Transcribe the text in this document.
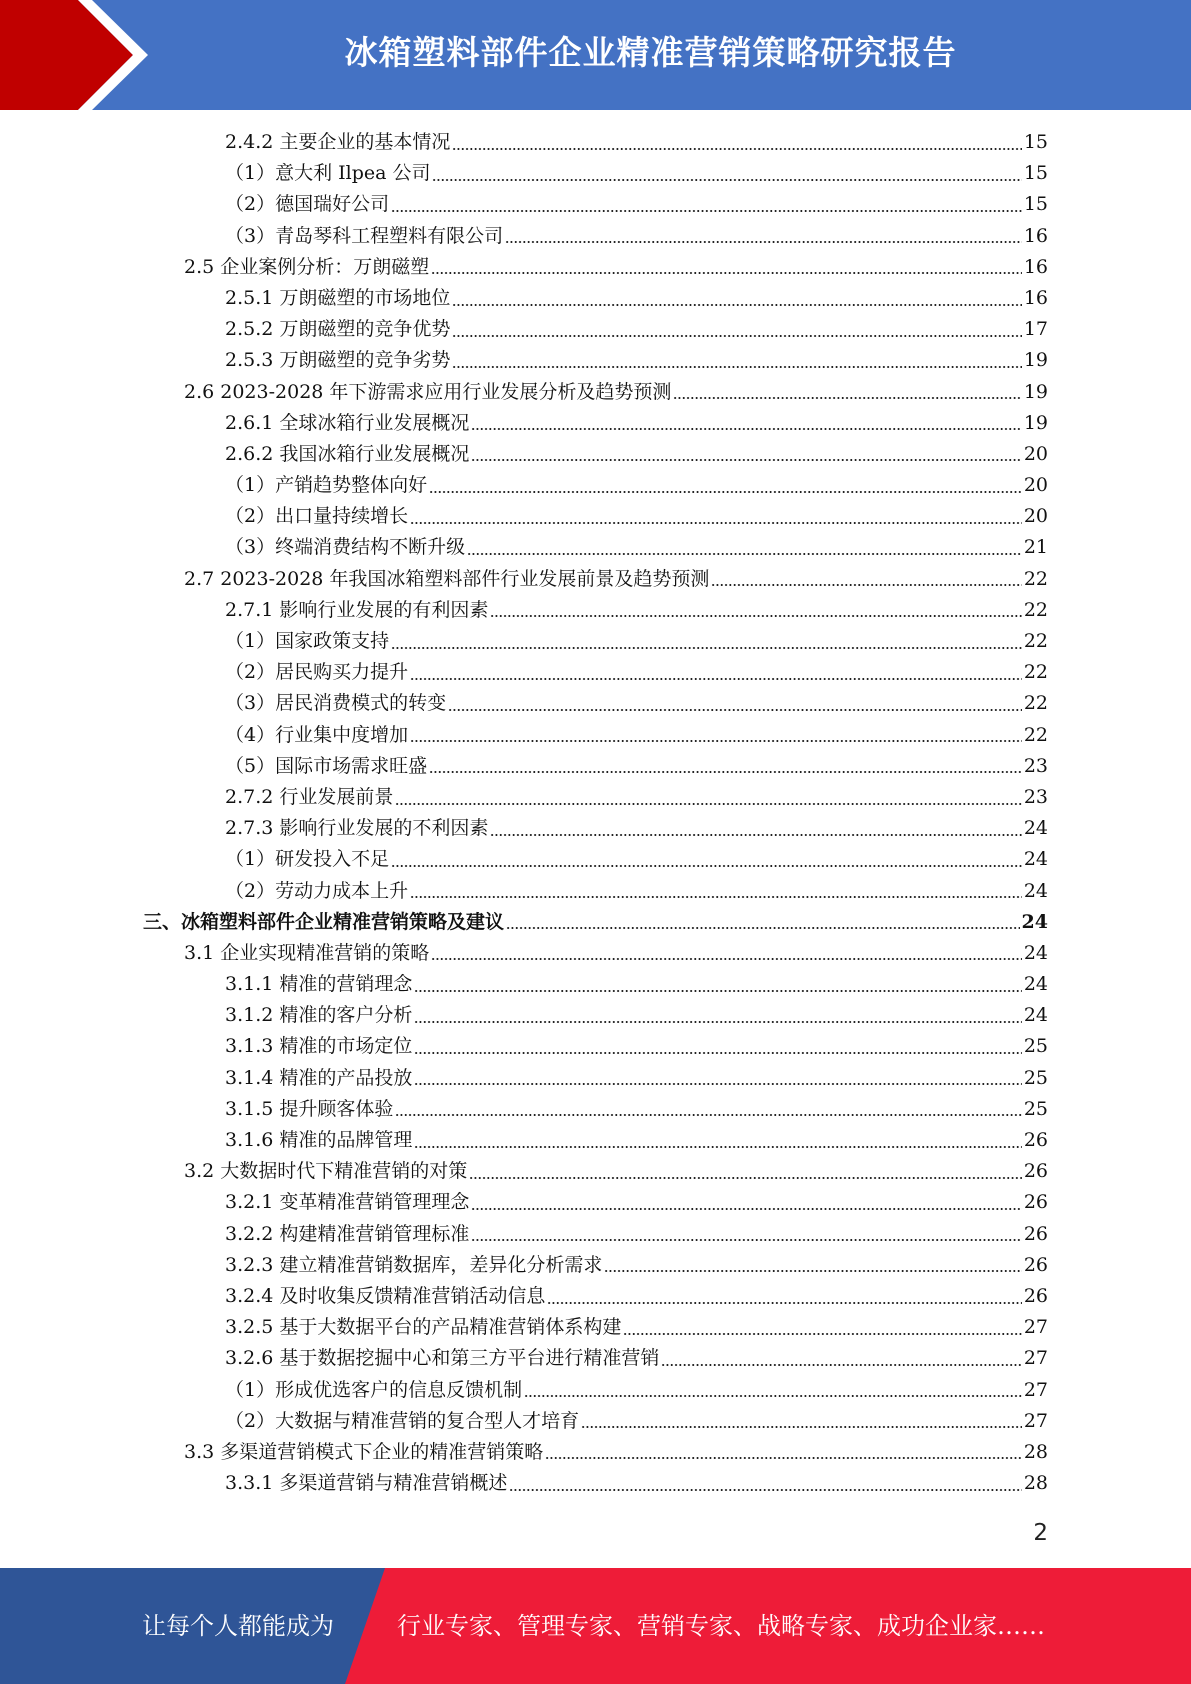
冰箱塑料部件企业精准营销策略研究报告
2.4.2 主要企业的基本情况	15
（1）意大利 Ilpea 公司	15
（2）德国瑞好公司	15
（3）青岛琴科工程塑料有限公司	16
2.5 企业案例分析：万朗磁塑	16
2.5.1 万朗磁塑的市场地位	16
2.5.2 万朗磁塑的竞争优势	17
2.5.3 万朗磁塑的竞争劣势	19
2.6 2023-2028 年下游需求应用行业发展分析及趋势预测	19
2.6.1 全球冰箱行业发展概况	19
2.6.2 我国冰箱行业发展概况	20
（1）产销趋势整体向好	20
（2）出口量持续增长	20
（3）终端消费结构不断升级	21
2.7 2023-2028 年我国冰箱塑料部件行业发展前景及趋势预测	22
2.7.1 影响行业发展的有利因素	22
（1）国家政策支持	22
（2）居民购买力提升	22
（3）居民消费模式的转变	22
（4）行业集中度增加	22
（5）国际市场需求旺盛	23
2.7.2 行业发展前景	23
2.7.3 影响行业发展的不利因素	24
（1）研发投入不足	24
（2）劳动力成本上升	24
三、冰箱塑料部件企业精准营销策略及建议	24
3.1 企业实现精准营销的策略	24
3.1.1 精准的营销理念	24
3.1.2 精准的客户分析	24
3.1.3 精准的市场定位	25
3.1.4 精准的产品投放	25
3.1.5 提升顾客体验	25
3.1.6 精准的品牌管理	26
3.2 大数据时代下精准营销的对策	26
3.2.1 变革精准营销管理理念	26
3.2.2 构建精准营销管理标准	26
3.2.3 建立精准营销数据库，差异化分析需求	26
3.2.4 及时收集反馈精准营销活动信息	26
3.2.5 基于大数据平台的产品精准营销体系构建	27
3.2.6 基于数据挖掘中心和第三方平台进行精准营销	27
（1）形成优选客户的信息反馈机制	27
（2）大数据与精准营销的复合型人才培育	27
3.3 多渠道营销模式下企业的精准营销策略	28
3.3.1 多渠道营销与精准营销概述	28
2
让每个人都能成为	行业专家、管理专家、营销专家、战略专家、成功企业家……
